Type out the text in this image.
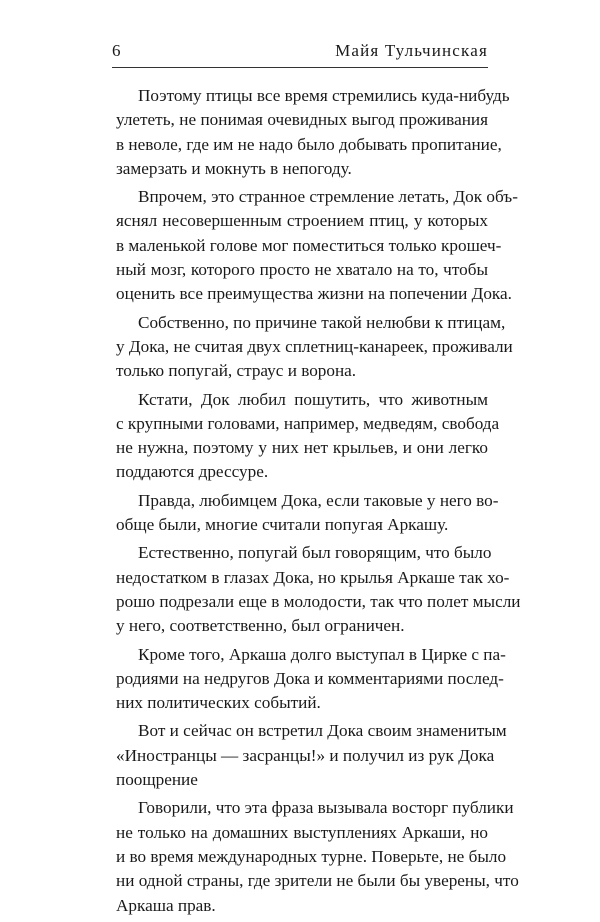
6	Майя Тульчинская
Поэтому птицы все время стремились куда-нибудь
улететь, не понимая очевидных выгод проживания
в неволе, где им не надо было добывать пропитание,
замерзать и мокнуть в непогоду.
Впрочем, это странное стремление летать, Док объ-
яснял несовершенным строением птиц, у которых
в маленькой голове мог поместиться только крошеч-
ный мозг, которого просто не хватало на то, чтобы
оценить все преимущества жизни на попечении Дока.
Собственно, по причине такой нелюбви к птицам,
у Дока, не считая двух сплетниц-канареек, проживали
только попугай, страус и ворона.
Кстати, Док любил пошутить, что животным
с крупными головами, например, медведям, свобода
не нужна, поэтому у них нет крыльев, и они легко
поддаются дрессуре.
Правда, любимцем Дока, если таковые у него во-
обще были, многие считали попугая Аркашу.
Естественно, попугай был говорящим, что было
недостатком в глазах Дока, но крылья Аркаше так хо-
рошо подрезали еще в молодости, так что полет мысли
у него, соответственно, был ограничен.
Кроме того, Аркаша долго выступал в Цирке с па-
родиями на недругов Дока и комментариями послед-
них политических событий.
Вот и сейчас он встретил Дока своим знаменитым
«Иностранцы — засранцы!» и получил из рук Дока
поощрение
Говорили, что эта фраза вызывала восторг публики
не только на домашних выступлениях Аркаши, но
и во время международных турне. Поверьте, не было
ни одной страны, где зрители не были бы уверены, что
Аркаша прав.
